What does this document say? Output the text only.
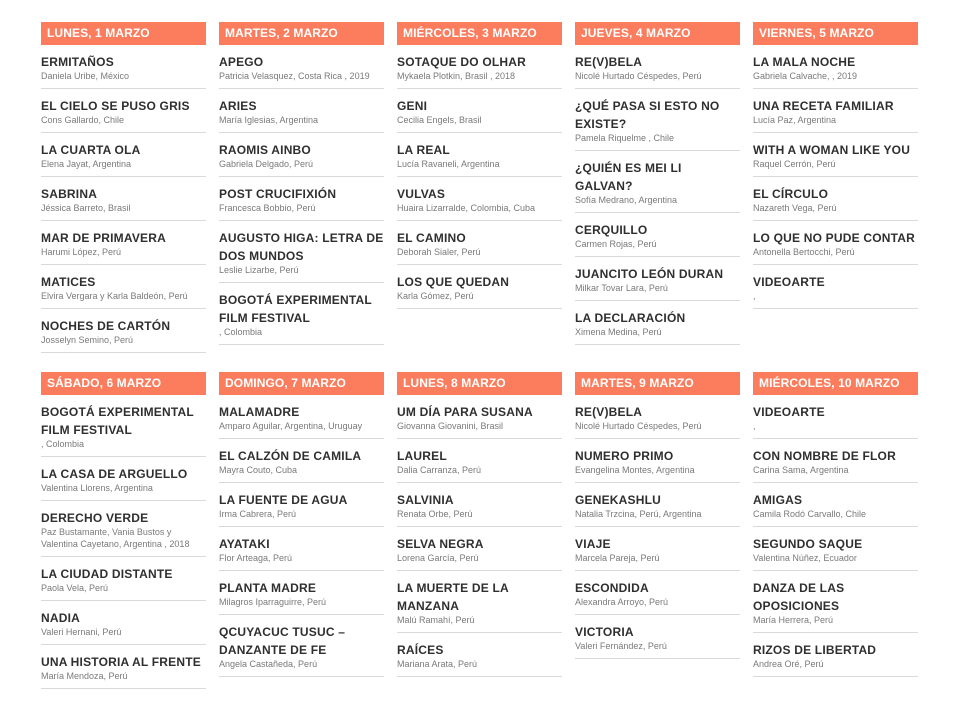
LUNES, 1 MARZO
ERMITAÑOS
Daniela Uribe, México
EL CIELO SE PUSO GRIS
Cons Gallardo, Chile
LA CUARTA OLA
Elena Jayat, Argentina
SABRINA
Jéssica Barreto, Brasil
MAR DE PRIMAVERA
Harumi López, Perú
MATICES
Elvira Vergara y Karla Baldeón, Perú
NOCHES DE CARTÓN
Josselyn Semino, Perú
MARTES, 2 MARZO
APEGO
Patricia Velasquez, Costa Rica , 2019
ARIES
María Iglesias, Argentina
RAOMIS AINBO
Gabriela Delgado, Perú
POST CRUCIFIXIÓN
Francesca Bobbio, Perú
AUGUSTO HIGA: LETRA DE DOS MUNDOS
Leslie Lizarbe, Perú
BOGOTÁ EXPERIMENTAL FILM FESTIVAL
, Colombia
MIÉRCOLES, 3 MARZO
SOTAQUE DO OLHAR
Mykaela Plotkin, Brasil , 2018
GENI
Cecilia Engels, Brasil
LA REAL
Lucía Ravaneli, Argentina
VULVAS
Huaira Lizarralde, Colombia, Cuba
EL CAMINO
Deborah Sialer, Perú
LOS QUE QUEDAN
Karla Gómez, Perú
JUEVES, 4 MARZO
RE(V)BELA
Nicolé Hurtado Céspedes, Perú
¿QUÉ PASA SI ESTO NO EXISTE?
Pamela Riquelme , Chile
¿QUIÉN ES MEI LI GALVAN?
Sofía Medrano, Argentina
CERQUILLO
Carmen Rojas, Perú
JUANCITO LEÓN DURAN
Milkar Tovar Lara, Perú
LA DECLARACIÓN
Ximena Medina, Perú
VIERNES, 5 MARZO
LA MALA NOCHE
Gabriela Calvache, , 2019
UNA RECETA FAMILIAR
Lucía Paz, Argentina
WITH A WOMAN LIKE YOU
Raquel Cerrón, Perú
EL CÍRCULO
Nazareth Vega, Perú
LO QUE NO PUDE CONTAR
Antonella Bertocchi, Perú
VIDEOARTE
,
SÁBADO, 6 MARZO
BOGOTÁ EXPERIMENTAL FILM FESTIVAL
, Colombia
LA CASA DE ARGUELLO
Valentina Llorens, Argentina
DERECHO VERDE
Paz Bustamante, Vania Bustos y Valentina Cayetano, Argentina , 2018
LA CIUDAD DISTANTE
Paola Vela, Perú
NADIA
Valeri Hernani, Perú
UNA HISTORIA AL FRENTE
María Mendoza, Perú
DOMINGO, 7 MARZO
MALAMADRE
Amparo Aguilar, Argentina, Uruguay
EL CALZÓN DE CAMILA
Mayra Couto, Cuba
LA FUENTE DE AGUA
Irma Cabrera, Perú
AYATAKI
Flor Arteaga, Perú
PLANTA MADRE
Milagros Iparraguirre, Perú
QCUYACUC TUSUC – DANZANTE DE FE
Angela Castañeda, Perú
LUNES, 8 MARZO
UM DÍA PARA SUSANA
Giovanna Giovanini, Brasil
LAUREL
Dalia Carranza, Perú
SALVINIA
Renata Orbe, Perú
SELVA NEGRA
Lorena García, Perú
LA MUERTE DE LA MANZANA
Malú Ramahí, Perú
RAÍCES
Mariana Arata, Perú
MARTES, 9 MARZO
RE(V)BELA
Nicolé Hurtado Céspedes, Perú
NUMERO PRIMO
Evangelina Montes, Argentina
GENEKASHLU
Natalia Trzcina, Perú, Argentina
VIAJE
Marcela Pareja, Perú
ESCONDIDA
Alexandra Arroyo, Perú
VICTORIA
Valeri Fernández, Perú
MIÉRCOLES, 10 MARZO
VIDEOARTE
,
CON NOMBRE DE FLOR
Carina Sama, Argentina
AMIGAS
Camila Rodó Carvallo, Chile
SEGUNDO SAQUE
Valentina Núñez, Ecuador
DANZA DE LAS OPOSICIONES
María Herrera, Perú
RIZOS DE LIBERTAD
Andrea Oré, Perú
